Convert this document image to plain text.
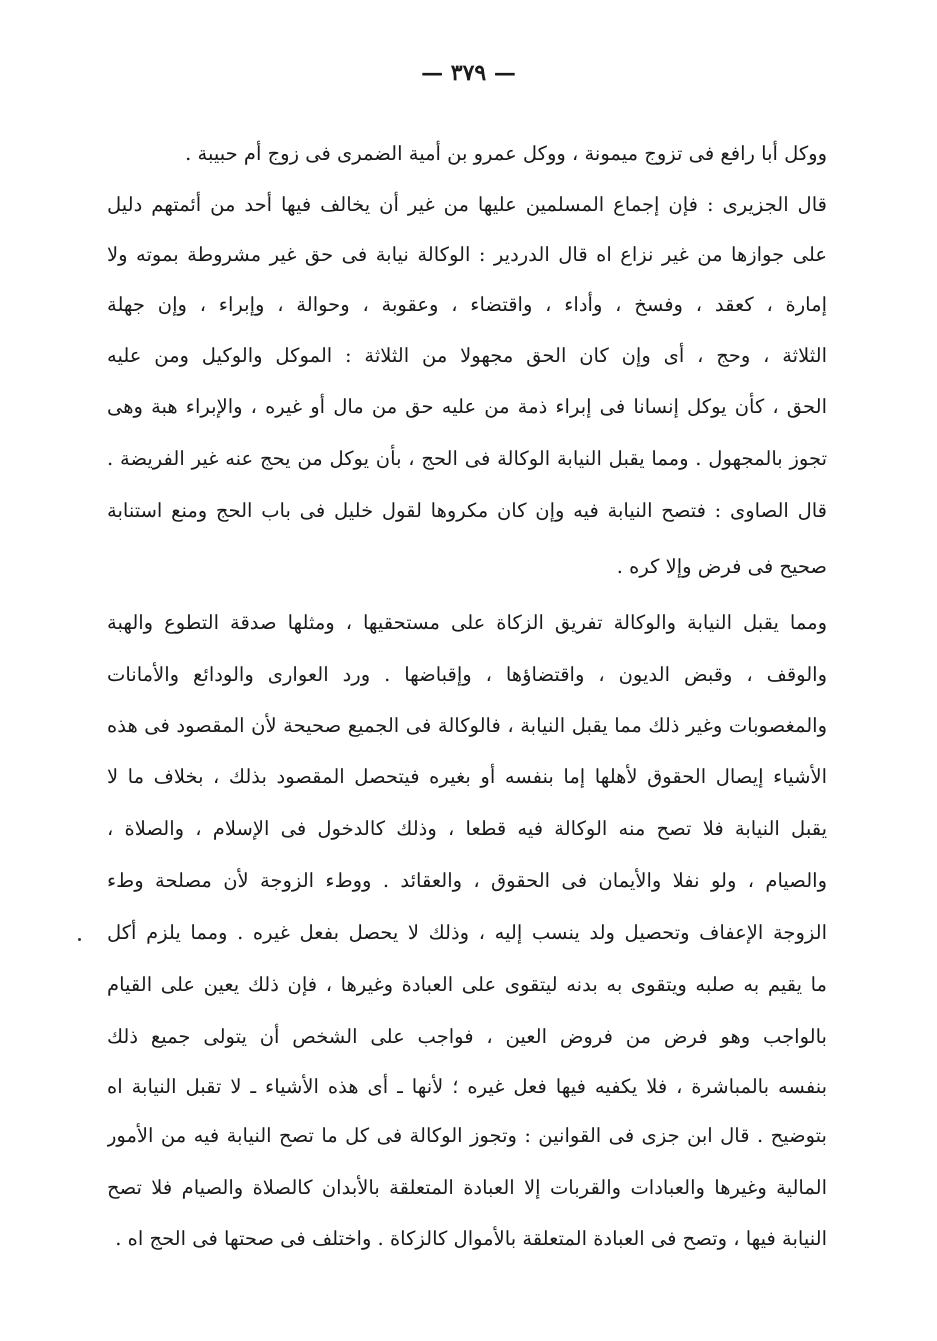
— ٣٧٩ —
ووكل أبا رافع فى تزوج ميمونة ، ووكل عمرو بن أمية الضمرى فى زوج أم حبيبة .
قال الجزيرى : فإن إجماع المسلمين عليها من غير أن يخالف فيها أحد من أئمتهم دليل
على جوازها من غير نزاع اه قال الدردير : الوكالة نيابة فى حق غير مشروطة بموته ولا
إمارة ، كعقد ، وفسخ ، وأداء ، واقتضاء ، وعقوبة ، وحوالة ، وإبراء ، وإن جهلة
الثلاثة ، وحج ، أى وإن كان الحق مجهولا من الثلاثة : الموكل والوكيل ومن عليه
الحق ، كأن يوكل إنسانا فى إبراء ذمة من عليه حق من مال أو غيره ، والإبراء هبة وهى
تجوز بالمجهول . ومما يقبل النيابة الوكالة فى الحج ، بأن يوكل من يحج عنه غير الفريضة .
قال الصاوى : فتصح النيابة فيه وإن كان مكروها لقول خليل فى باب الحج ومنع استنابة
صحيح فى فرض وإلا كره .
ومما يقبل النيابة والوكالة تفريق الزكاة على مستحقيها ، ومثلها صدقة التطوع والهبة
والوقف ، وقبض الديون ، واقتضاؤها ، وإقباضها . ورد العوارى والودائع والأمانات
والمغصوبات وغير ذلك مما يقبل النيابة ، فالوكالة فى الجميع صحيحة لأن المقصود فى هذه
الأشياء إيصال الحقوق لأهلها إما بنفسه أو بغيره فيتحصل المقصود بذلك ، بخلاف ما لا
يقبل النيابة فلا تصح منه الوكالة فيه قطعا ، وذلك كالدخول فى الإسلام ، والصلاة ،
والصيام ، ولو نفلا والأيمان فى الحقوق ، والعقائد . ووطء الزوجة لأن مصلحة وطء
الزوجة الإعفاف وتحصيل ولد ينسب إليه ، وذلك لا يحصل بفعل غيره . ومما يلزم أكل
ما يقيم به صلبه ويتقوى به بدنه ليتقوى على العبادة وغيرها ، فإن ذلك يعين على القيام
بالواجب وهو فرض من فروض العين ، فواجب على الشخص أن يتولى جميع ذلك
بنفسه بالمباشرة ، فلا يكفيه فيها فعل غيره ؛ لأنها ـ أى هذه الأشياء ـ لا تقبل النيابة اه
بتوضيح . قال ابن جزى فى القوانين : وتجوز الوكالة فى كل ما تصح النيابة فيه من الأمور
المالية وغيرها والعبادات والقربات إلا العبادة المتعلقة بالأبدان كالصلاة والصيام فلا تصح
النيابة فيها ، وتصح فى العبادة المتعلقة بالأموال كالزكاة . واختلف فى صحتها فى الحج اه .
